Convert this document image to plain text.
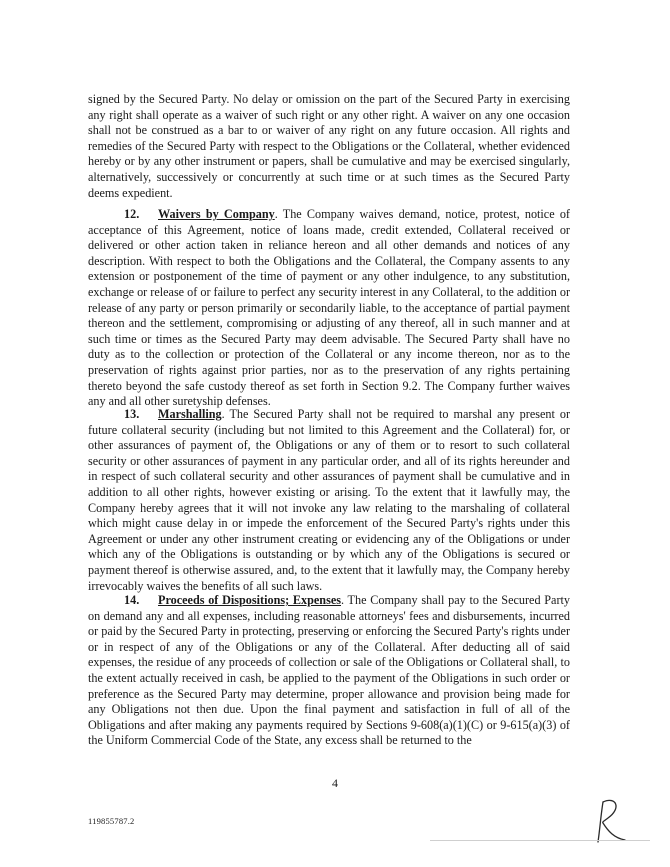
signed by the Secured Party. No delay or omission on the part of the Secured Party in exercising any right shall operate as a waiver of such right or any other right. A waiver on any one occasion shall not be construed as a bar to or waiver of any right on any future occasion. All rights and remedies of the Secured Party with respect to the Obligations or the Collateral, whether evidenced hereby or by any other instrument or papers, shall be cumulative and may be exercised singularly, alternatively, successively or concurrently at such time or at such times as the Secured Party deems expedient.

12. Waivers by Company. The Company waives demand, notice, protest, notice of acceptance of this Agreement, notice of loans made, credit extended, Collateral received or delivered or other action taken in reliance hereon and all other demands and notices of any description. With respect to both the Obligations and the Collateral, the Company assents to any extension or postponement of the time of payment or any other indulgence, to any substitution, exchange or release of or failure to perfect any security interest in any Collateral, to the addition or release of any party or person primarily or secondarily liable, to the acceptance of partial payment thereon and the settlement, compromising or adjusting of any thereof, all in such manner and at such time or times as the Secured Party may deem advisable. The Secured Party shall have no duty as to the collection or protection of the Collateral or any income thereon, nor as to the preservation of rights against prior parties, nor as to the preservation of any rights pertaining thereto beyond the safe custody thereof as set forth in Section 9.2. The Company further waives any and all other suretyship defenses.

13. Marshalling. The Secured Party shall not be required to marshal any present or future collateral security (including but not limited to this Agreement and the Collateral) for, or other assurances of payment of, the Obligations or any of them or to resort to such collateral security or other assurances of payment in any particular order, and all of its rights hereunder and in respect of such collateral security and other assurances of payment shall be cumulative and in addition to all other rights, however existing or arising. To the extent that it lawfully may, the Company hereby agrees that it will not invoke any law relating to the marshaling of collateral which might cause delay in or impede the enforcement of the Secured Party's rights under this Agreement or under any other instrument creating or evidencing any of the Obligations or under which any of the Obligations is outstanding or by which any of the Obligations is secured or payment thereof is otherwise assured, and, to the extent that it lawfully may, the Company hereby irrevocably waives the benefits of all such laws.

14. Proceeds of Dispositions; Expenses. The Company shall pay to the Secured Party on demand any and all expenses, including reasonable attorneys' fees and disbursements, incurred or paid by the Secured Party in protecting, preserving or enforcing the Secured Party's rights under or in respect of any of the Obligations or any of the Collateral. After deducting all of said expenses, the residue of any proceeds of collection or sale of the Obligations or Collateral shall, to the extent actually received in cash, be applied to the payment of the Obligations in such order or preference as the Secured Party may determine, proper allowance and provision being made for any Obligations not then due. Upon the final payment and satisfaction in full of all of the Obligations and after making any payments required by Sections 9-608(a)(1)(C) or 9-615(a)(3) of the Uniform Commercial Code of the State, any excess shall be returned to the

4
119855787.2
